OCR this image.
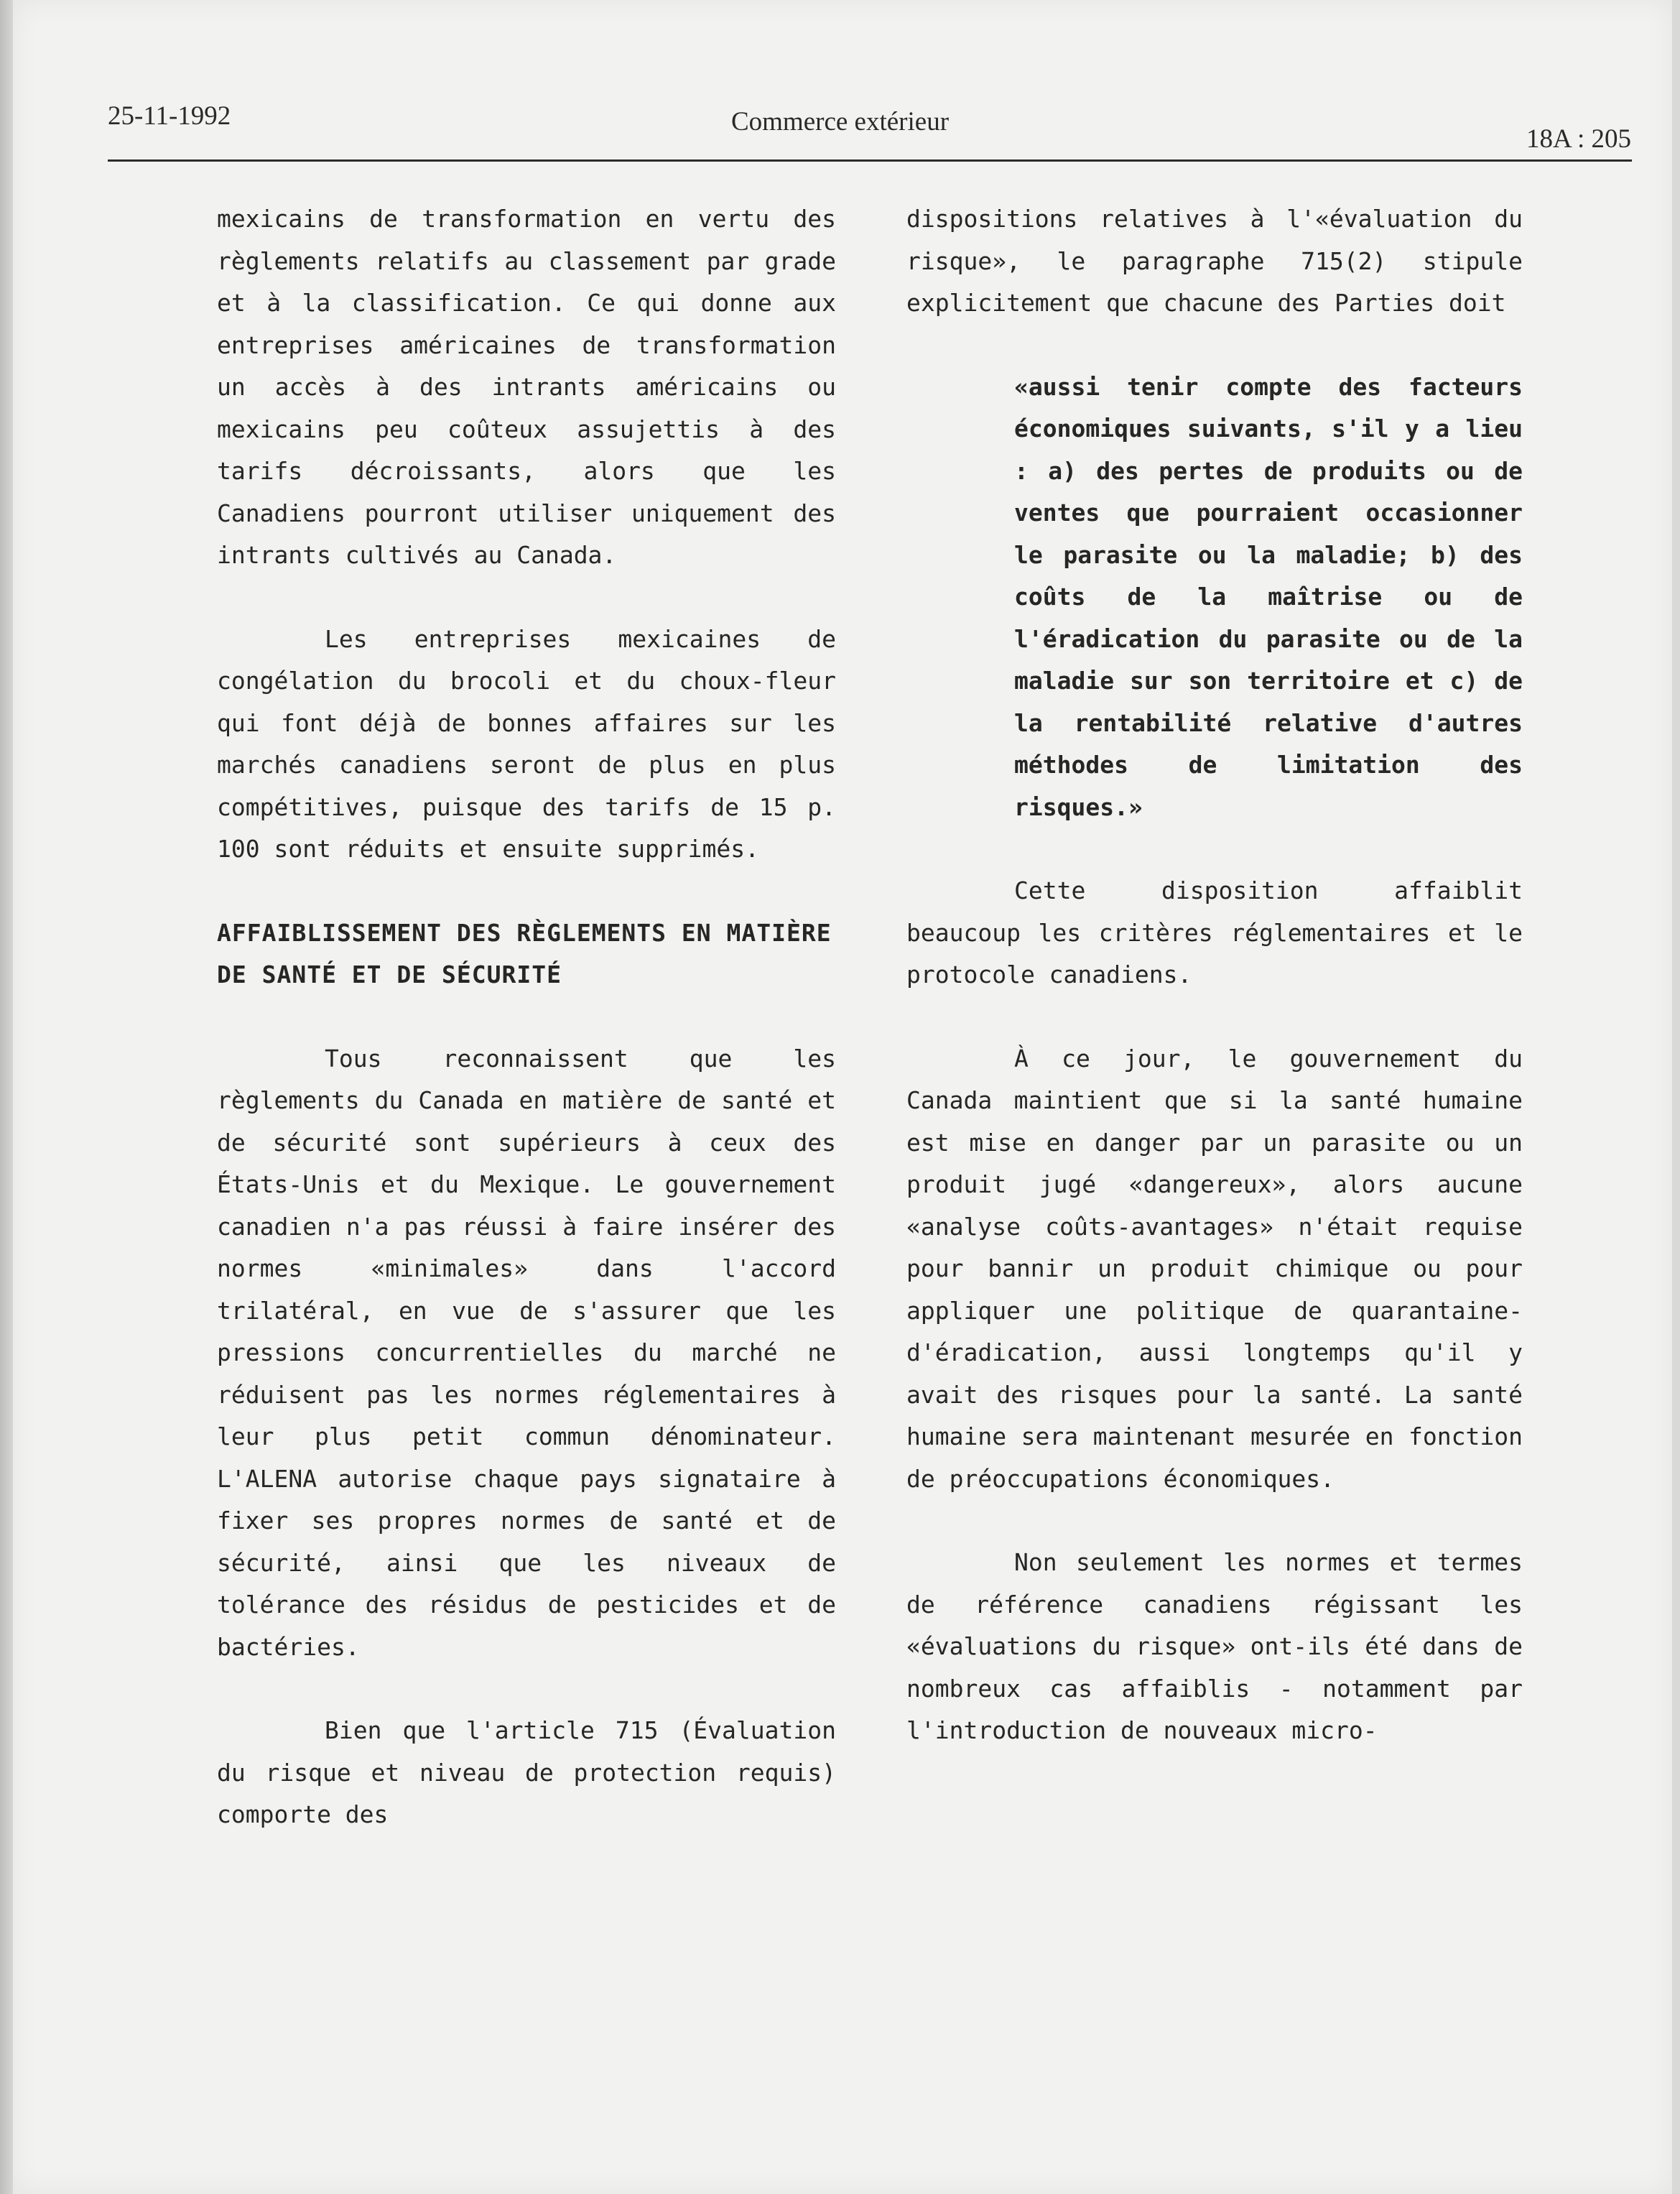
25-11-1992	Commerce extérieur
18A : 205

mexicains de transformation en vertu des règlements relatifs au classement par grade et à la classification. Ce qui donne aux entreprises américaines de transformation un accès à des intrants américains ou mexicains peu coûteux assujettis à des tarifs décroissants, alors que les Canadiens pourront utiliser uniquement des intrants cultivés au Canada.

Les entreprises mexicaines de congélation du brocoli et du choux-fleur qui font déjà de bonnes affaires sur les marchés canadiens seront de plus en plus compétitives, puisque des tarifs de 15 p. 100 sont réduits et ensuite supprimés.

AFFAIBLISSEMENT DES RÈGLEMENTS EN MATIÈRE DE SANTÉ ET DE SÉCURITÉ

Tous reconnaissent que les règlements du Canada en matière de santé et de sécurité sont supérieurs à ceux des États-Unis et du Mexique. Le gouvernement canadien n'a pas réussi à faire insérer des normes «minimales» dans l'accord trilatéral, en vue de s'assurer que les pressions concurrentielles du marché ne réduisent pas les normes réglementaires à leur plus petit commun dénominateur. L'ALENA autorise chaque pays signataire à fixer ses propres normes de santé et de sécurité, ainsi que les niveaux de tolérance des résidus de pesticides et de bactéries.

Bien que l'article 715 (Évaluation du risque et niveau de protection requis) comporte des

dispositions relatives à l'«évaluation du risque», le paragraphe 715(2) stipule explicitement que chacune des Parties doit

«aussi tenir compte des facteurs économiques suivants, s'il y a lieu : a) des pertes de produits ou de ventes que pourraient occasionner le parasite ou la maladie; b) des coûts de la maîtrise ou de l'éradication du parasite ou de la maladie sur son territoire et c) de la rentabilité relative d'autres méthodes de limitation des risques.»

Cette disposition affaiblit beaucoup les critères réglementaires et le protocole canadiens.

À ce jour, le gouvernement du Canada maintient que si la santé humaine est mise en danger par un parasite ou un produit jugé «dangereux», alors aucune «analyse coûts-avantages» n'était requise pour bannir un produit chimique ou pour appliquer une politique de quarantaine-d'éradication, aussi longtemps qu'il y avait des risques pour la santé. La santé humaine sera maintenant mesurée en fonction de préoccupations économiques.

Non seulement les normes et termes de référence canadiens régissant les «évaluations du risque» ont-ils été dans de nombreux cas affaiblis - notamment par l'introduction de nouveaux micro-
